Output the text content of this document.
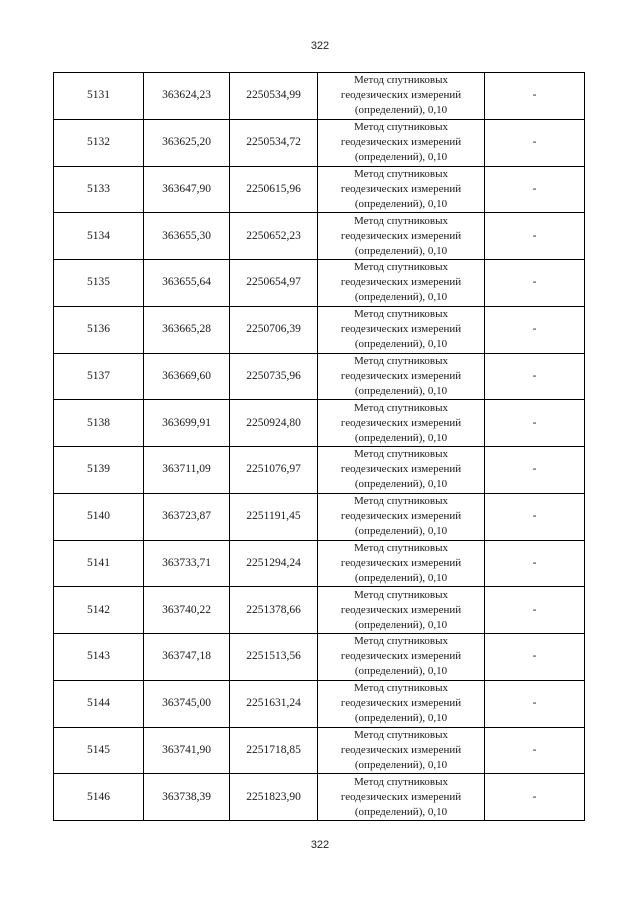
322
5131	363624,23	2250534,99	Метод спутниковых
геодезических измерений
(определений), 0,10	-
5132	363625,20	2250534,72	Метод спутниковых
геодезических измерений
(определений), 0,10	-
5133	363647,90	2250615,96	Метод спутниковых
геодезических измерений
(определений), 0,10	-
5134	363655,30	2250652,23	Метод спутниковых
геодезических измерений
(определений), 0,10	-
5135	363655,64	2250654,97	Метод спутниковых
геодезических измерений
(определений), 0,10	-
5136	363665,28	2250706,39	Метод спутниковых
геодезических измерений
(определений), 0,10	-
5137	363669,60	2250735,96	Метод спутниковых
геодезических измерений
(определений), 0,10	-
5138	363699,91	2250924,80	Метод спутниковых
геодезических измерений
(определений), 0,10	-
5139	363711,09	2251076,97	Метод спутниковых
геодезических измерений
(определений), 0,10	-
5140	363723,87	2251191,45	Метод спутниковых
геодезических измерений
(определений), 0,10	-
5141	363733,71	2251294,24	Метод спутниковых
геодезических измерений
(определений), 0,10	-
5142	363740,22	2251378,66	Метод спутниковых
геодезических измерений
(определений), 0,10	-
5143	363747,18	2251513,56	Метод спутниковых
геодезических измерений
(определений), 0,10	-
5144	363745,00	2251631,24	Метод спутниковых
геодезических измерений
(определений), 0,10	-
5145	363741,90	2251718,85	Метод спутниковых
геодезических измерений
(определений), 0,10	-
5146	363738,39	2251823,90	Метод спутниковых
геодезических измерений
(определений), 0,10	-
322
